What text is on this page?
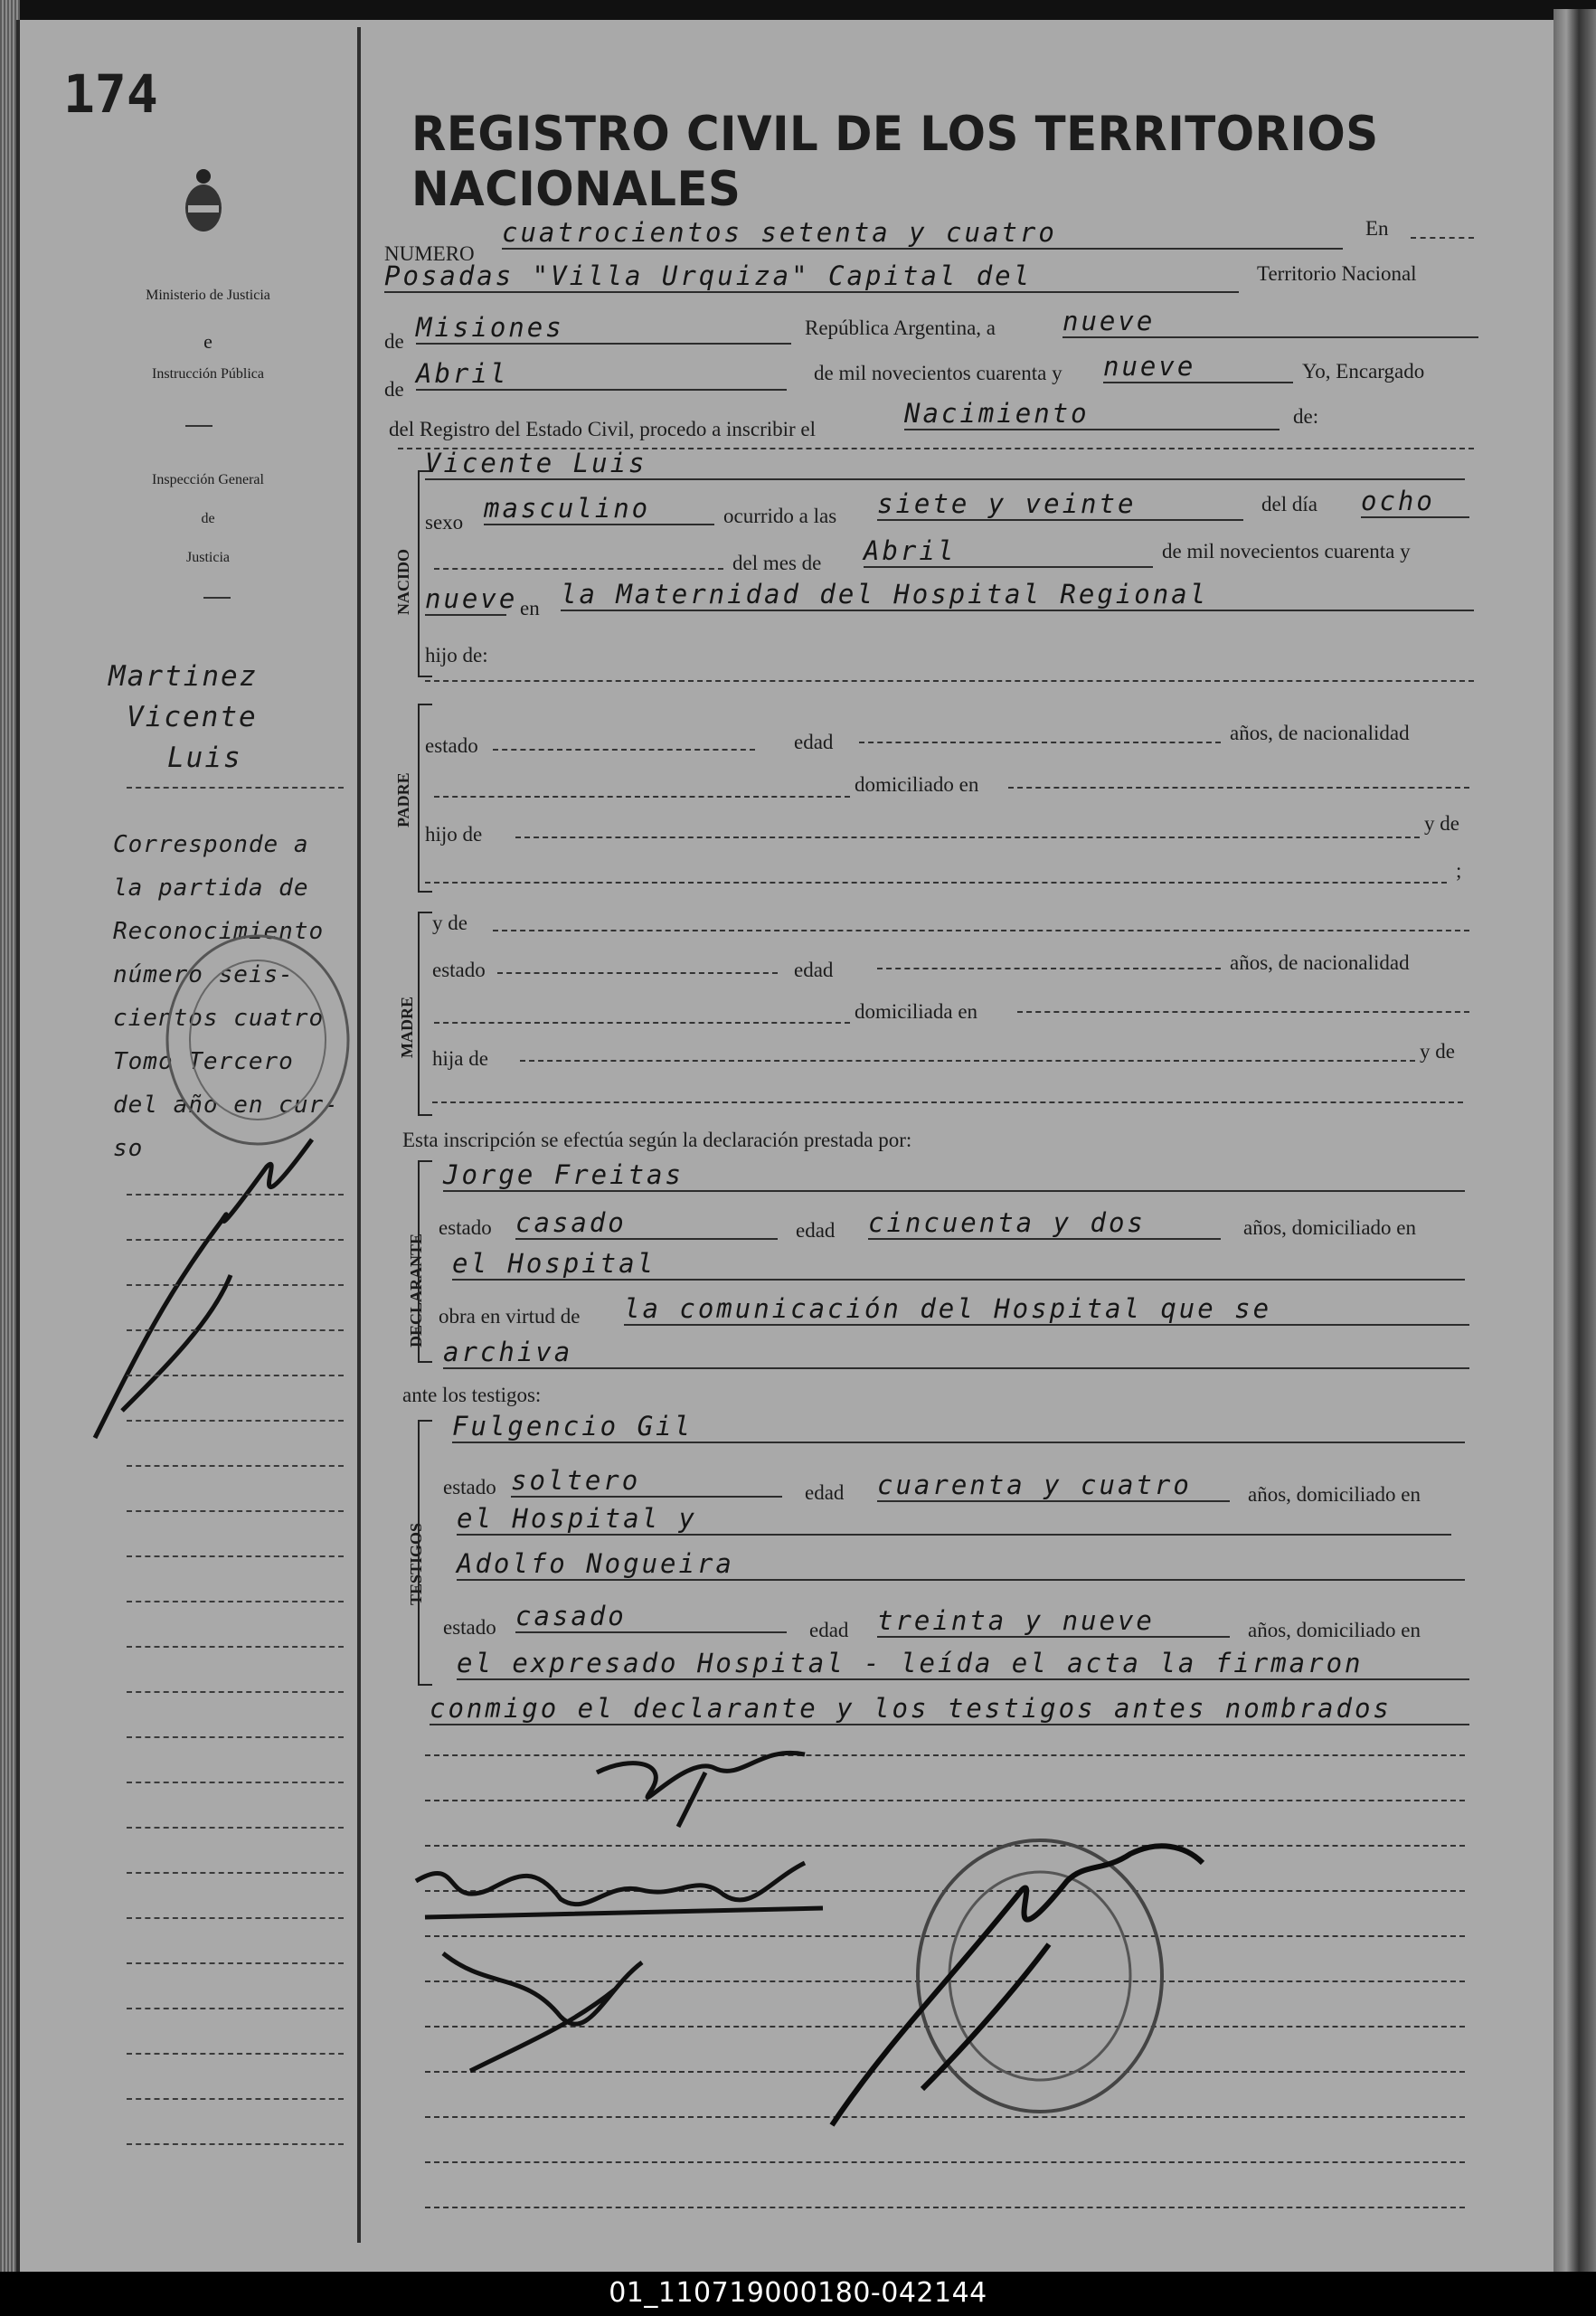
174
Ministerio de Justicia
e
Instrucción Pública
Inspección General
de
Justicia
Martinez
Vicente
Luis
Corresponde a
la partida de
Reconocimiento
número seis-
cientos cuatro
Tomo Tercero
del año en cur-
so
REGISTRO CIVIL DE LOS TERRITORIOS NACIONALES
NUMERO
cuatrocientos setenta y cuatro	En
Posadas "Villa Urquiza" Capital del	Territorio Nacional
de Misiones	República Argentina, a	nueve
de
Abril	de mil novecientos cuarenta y nueve	Yo, Encargado
del Registro del Estado Civil, procedo a inscribir el
Nacimiento	de:
NACIDO
Vicente Luis
sexo masculino	ocurrido a las siete y veinte	del día ocho
del mes de Abril	de mil novecientos cuarenta y
nueve en la Maternidad del Hospital Regional
hijo de:
PADRE
estado	edad	años, de nacionalidad
domiciliado en
hijo de	y de
;
MADRE
y de
estado	edad	años, de nacionalidad
domiciliada en
hija de	y de
Esta inscripción se efectúa según la declaración prestada por:
DECLARANTE
Jorge Freitas
estado casado	edad cincuenta y dos	años, domiciliado en
el Hospital
obra en virtud de la comunicación del Hospital que se
archiva
ante los testigos:
TESTIGOS
Fulgencio Gil
estado soltero	edad cuarenta y cuatro	años, domiciliado en
el Hospital y
Adolfo Nogueira
estado casado	edad treinta y nueve	años, domiciliado en
el expresado Hospital - leída el acta la firmaron
conmigo el declarante y los testigos antes nombrados
01_110719000180-042144
